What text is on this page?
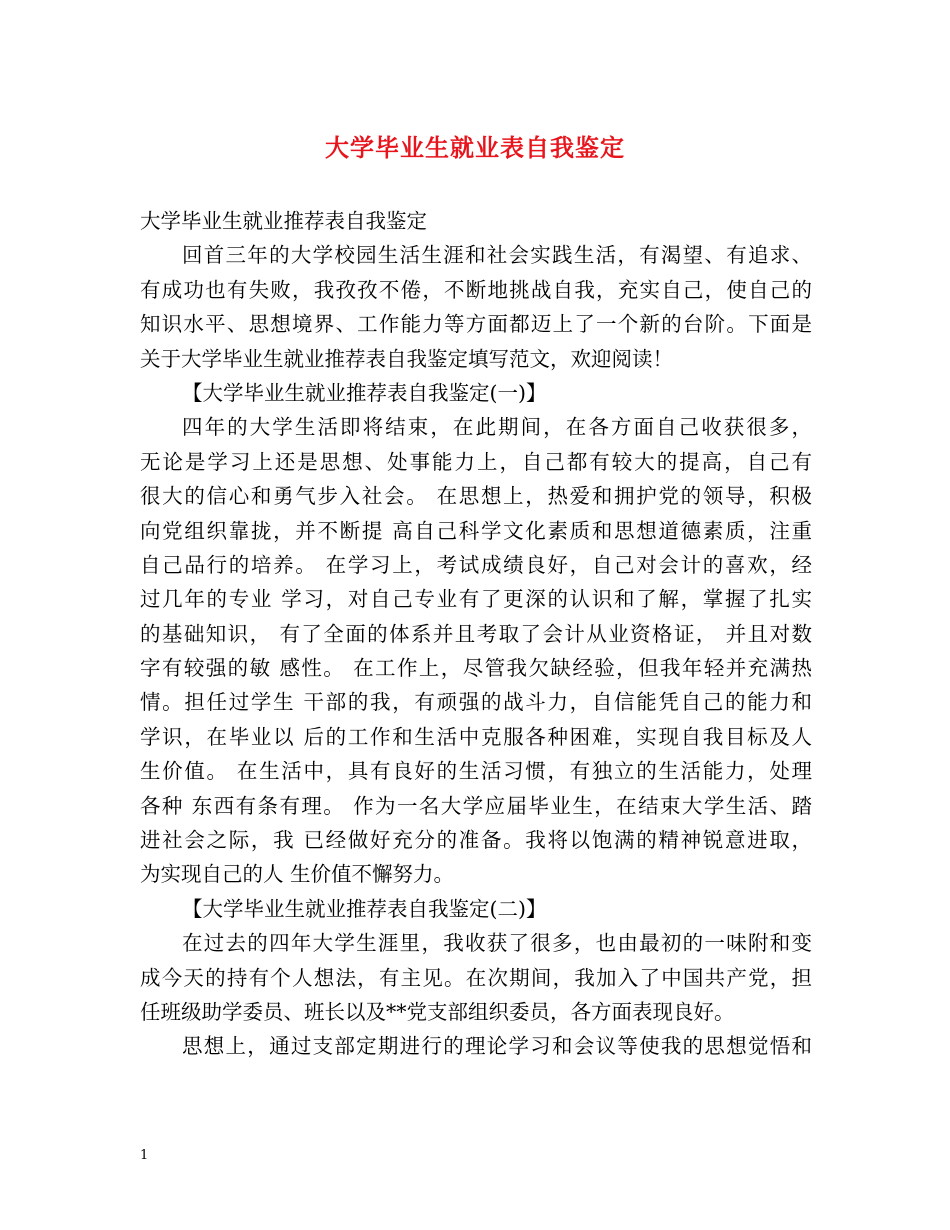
大学毕业生就业表自我鉴定
大学毕业生就业推荐表自我鉴定
回首三年的大学校园生活生涯和社会实践生活，有渴望、有追求、
有成功也有失败，我孜孜不倦，不断地挑战自我，充实自己，使自己的
知识水平、思想境界、工作能力等方面都迈上了一个新的台阶。下面是
关于大学毕业生就业推荐表自我鉴定填写范文，欢迎阅读！
【大学毕业生就业推荐表自我鉴定(一)】
四年的大学生活即将结束，在此期间，在各方面自己收获很多，
无论是学习上还是思想、处事能力上，自己都有较大的提高，自己有
很大的信心和勇气步入社会。 在思想上，热爱和拥护党的领导，积极
向党组织靠拢，并不断提 高自己科学文化素质和思想道德素质，注重
自己品行的培养。 在学习上，考试成绩良好，自己对会计的喜欢，经
过几年的专业 学习，对自己专业有了更深的认识和了解，掌握了扎实
的基础知识， 有了全面的体系并且考取了会计从业资格证， 并且对数
字有较强的敏 感性。 在工作上，尽管我欠缺经验，但我年轻并充满热
情。担任过学生 干部的我，有顽强的战斗力，自信能凭自己的能力和
学识，在毕业以 后的工作和生活中克服各种困难，实现自我目标及人
生价值。 在生活中，具有良好的生活习惯，有独立的生活能力，处理
各种 东西有条有理。 作为一名大学应届毕业生，在结束大学生活、踏
进社会之际，我 已经做好充分的准备。我将以饱满的精神锐意进取，
为实现自己的人 生价值不懈努力。
【大学毕业生就业推荐表自我鉴定(二)】
在过去的四年大学生涯里，我收获了很多，也由最初的一味附和变
成今天的持有个人想法，有主见。在次期间，我加入了中国共产党，担
任班级助学委员、班长以及**党支部组织委员，各方面表现良好。
思想上，通过支部定期进行的理论学习和会议等使我的思想觉悟和
1
